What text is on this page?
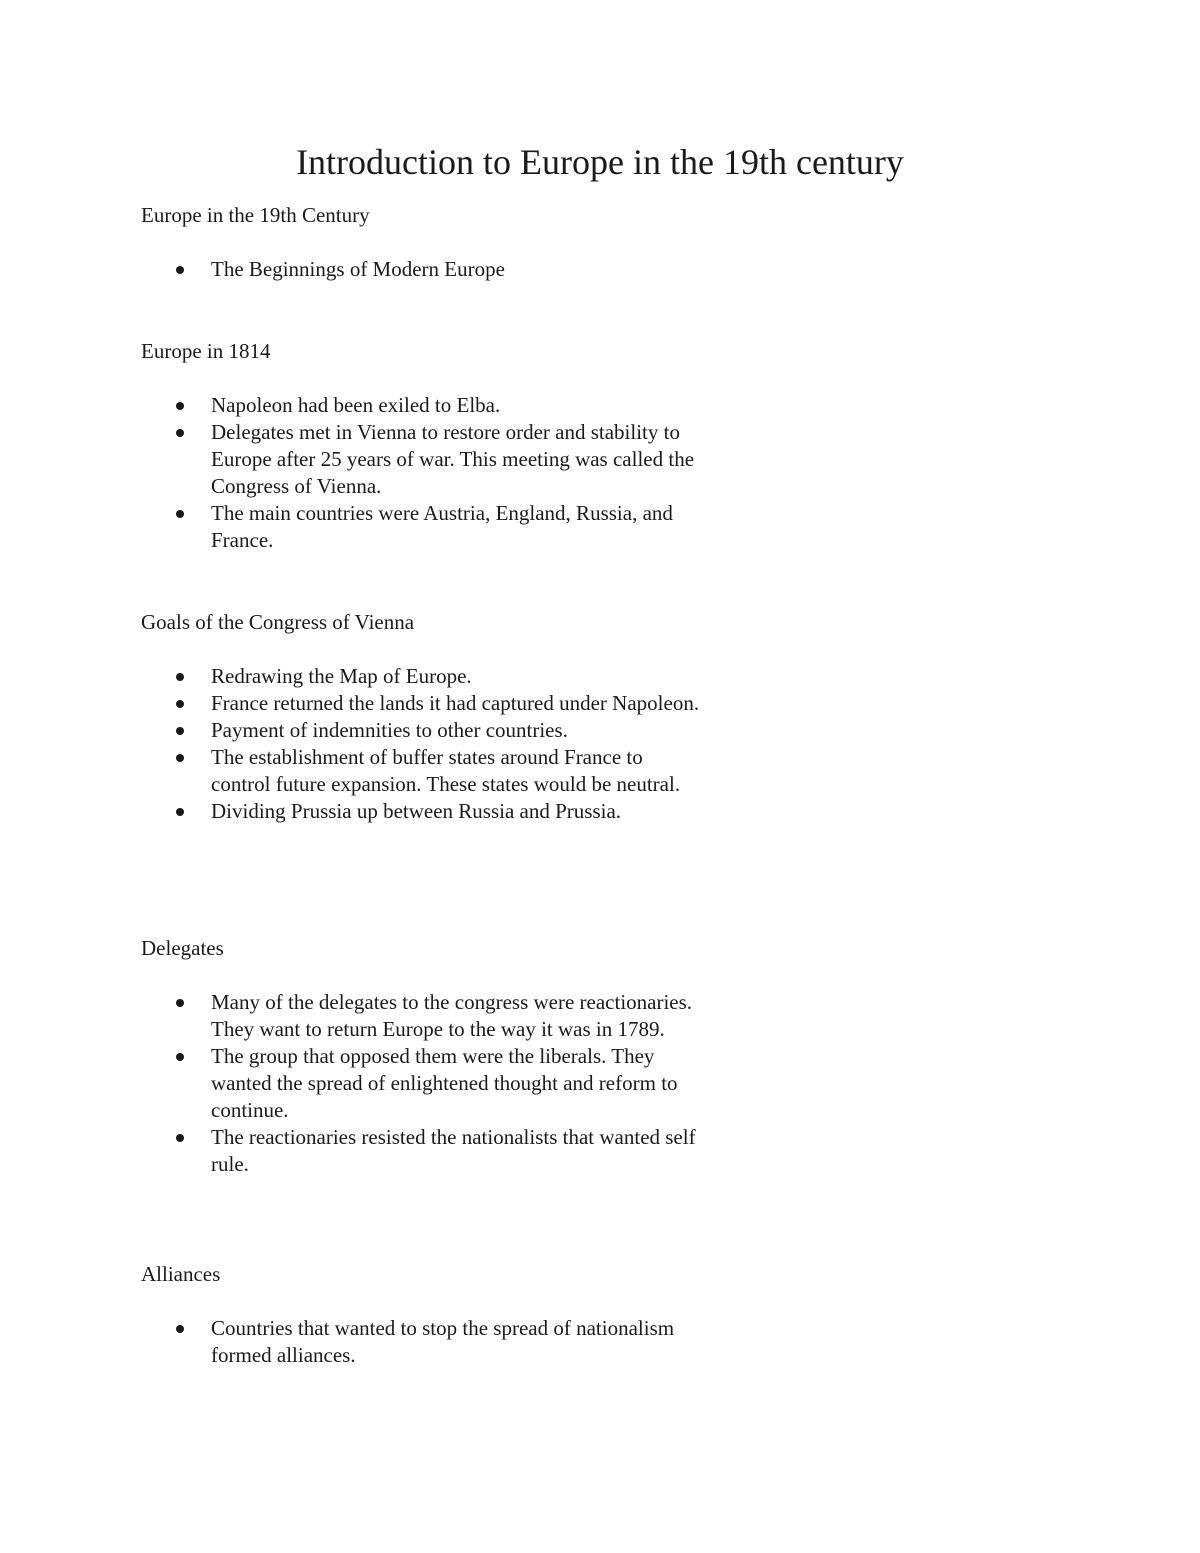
Introduction to Europe in the 19th century

Europe in the 19th Century

The Beginnings of Modern Europe

Europe in 1814

Napoleon had been exiled to Elba.
Delegates met in Vienna to restore order and stability to Europe after 25 years of war. This meeting was called the Congress of Vienna.
The main countries were Austria, England, Russia, and France.

Goals of the Congress of Vienna

Redrawing the Map of Europe.
France returned the lands it had captured under Napoleon.
Payment of indemnities to other countries.
The establishment of buffer states around France to control future expansion. These states would be neutral.
Dividing Prussia up between Russia and Prussia.

Delegates

Many of the delegates to the congress were reactionaries. They want to return Europe to the way it was in 1789.
The group that opposed them were the liberals. They wanted the spread of enlightened thought and reform to continue.
The reactionaries resisted the nationalists that wanted self rule.

Alliances

Countries that wanted to stop the spread of nationalism formed alliances.
